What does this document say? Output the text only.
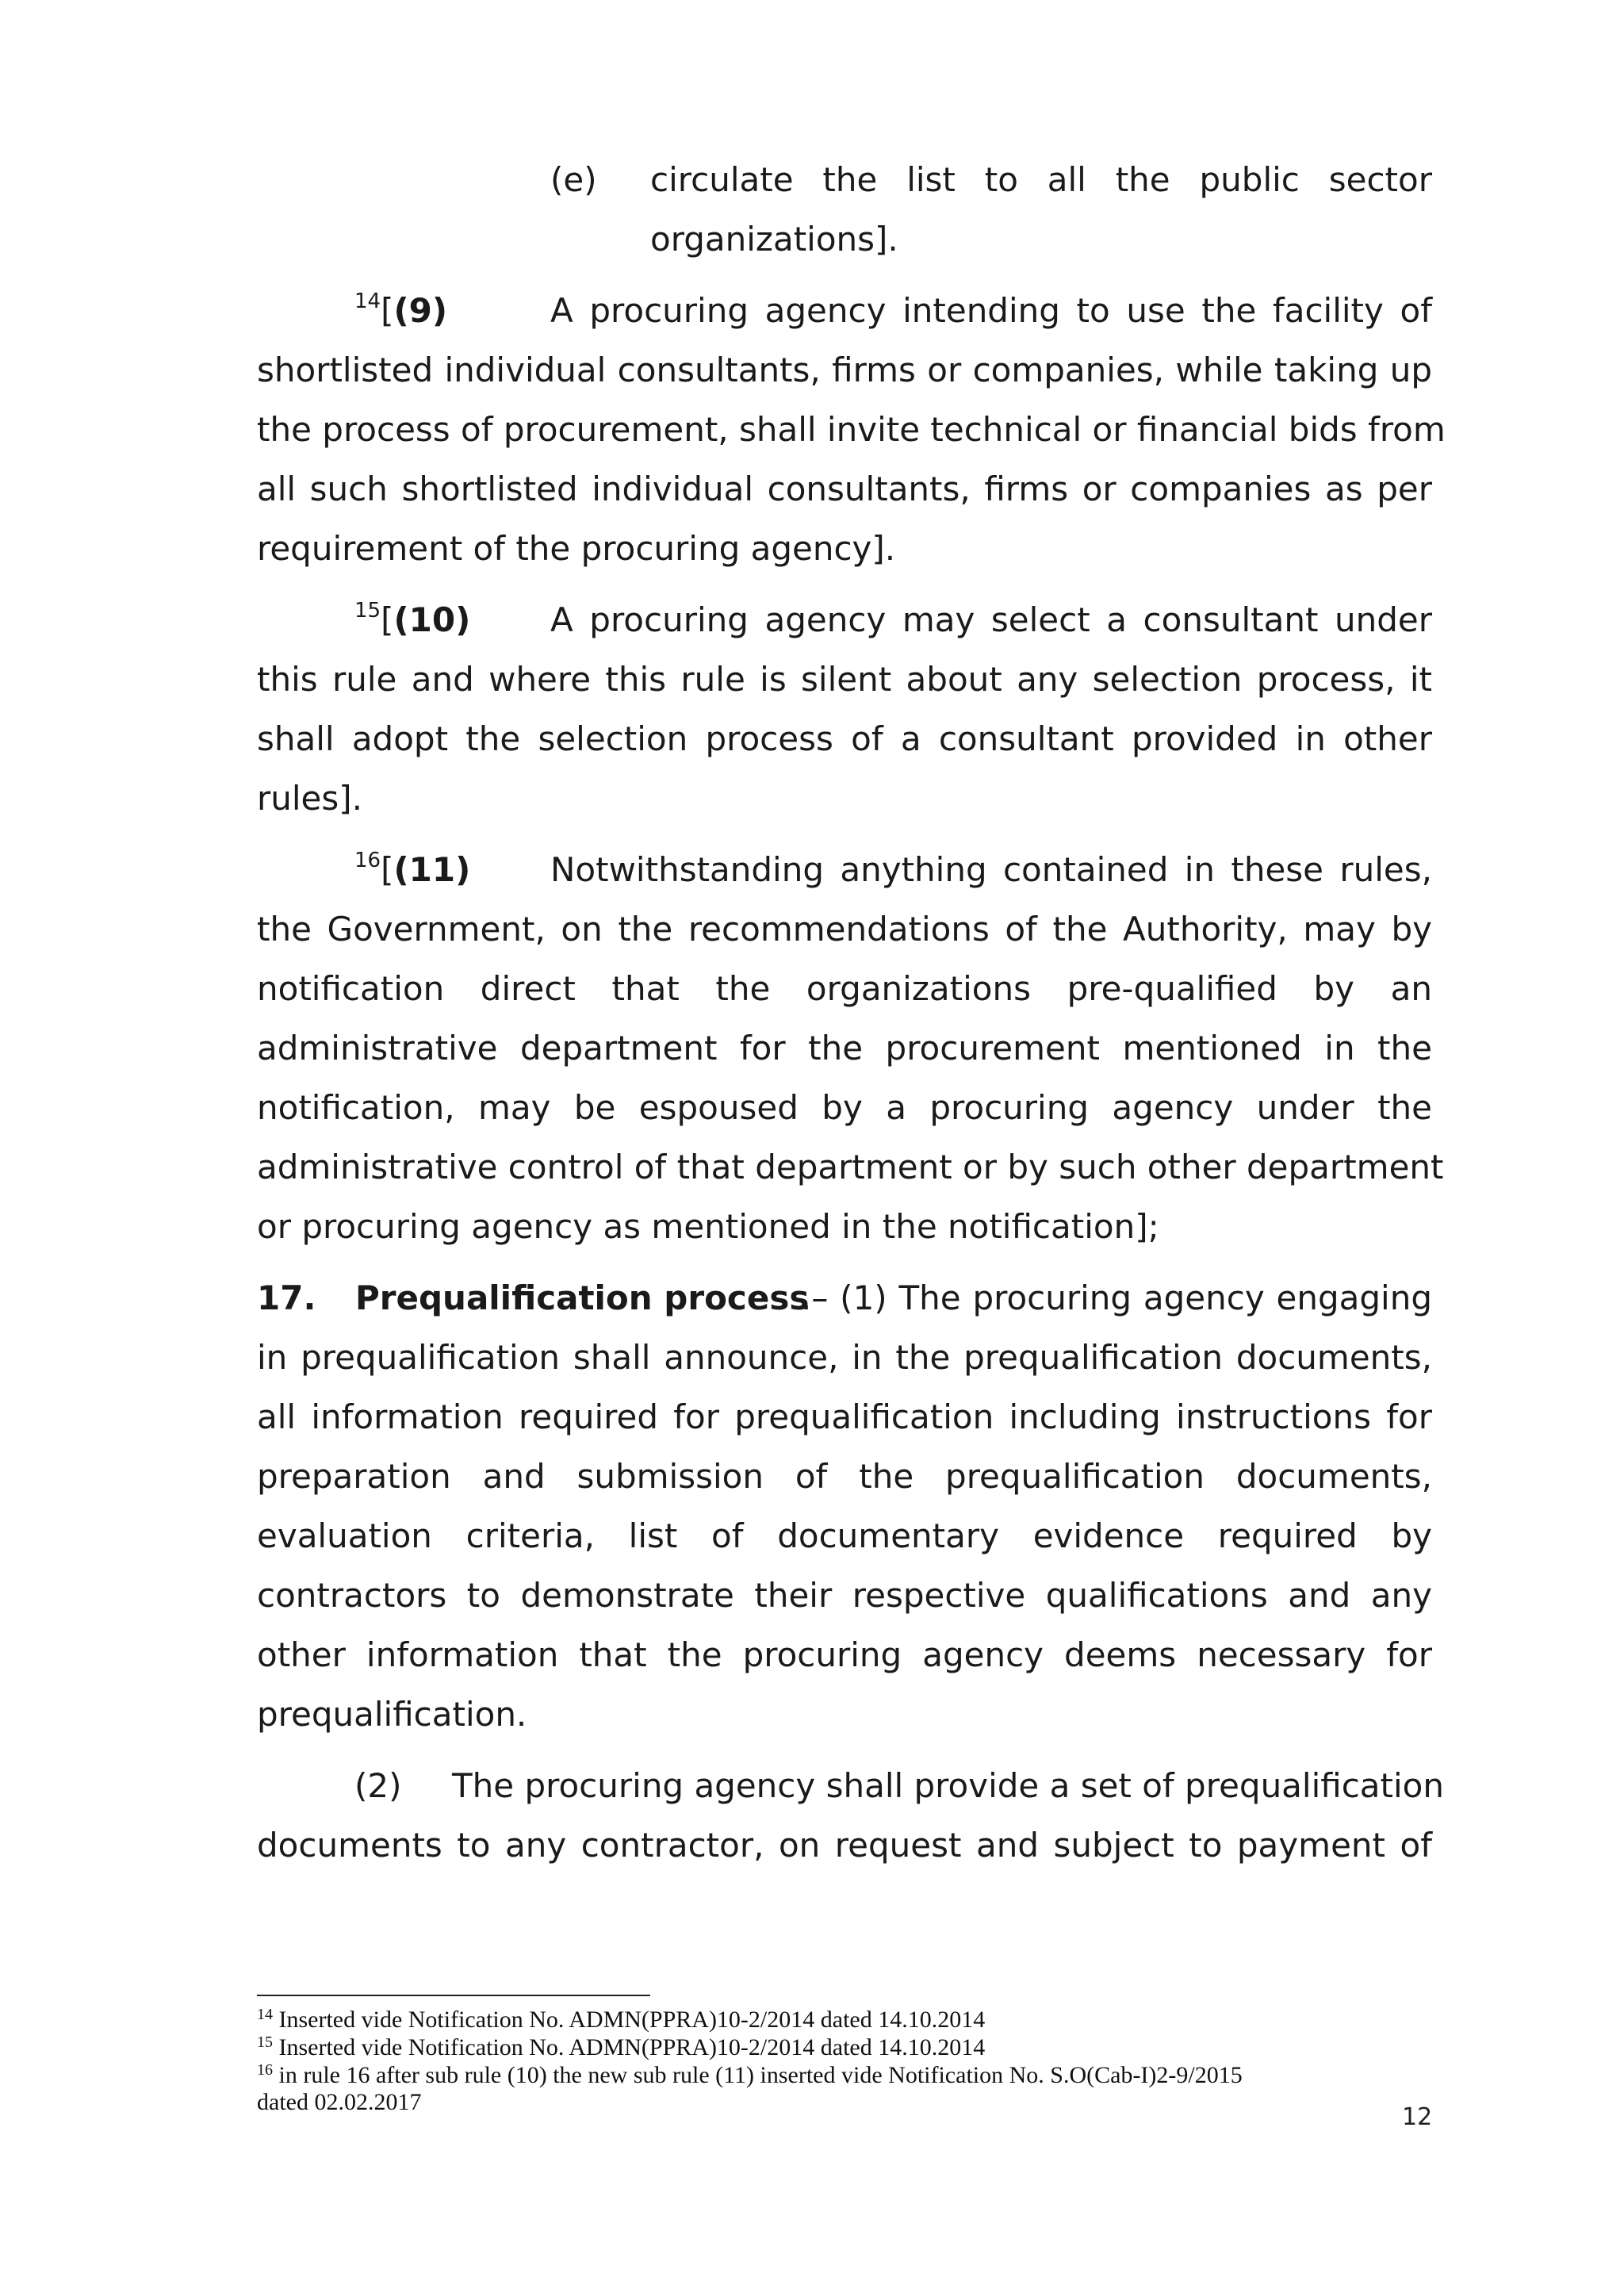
(e) circulate the list to all the public sector
organizations].
$^{14}$[(9)	A procuring agency intending to use the facility of
shortlisted individual consultants, firms or companies, while taking up
the process of procurement, shall invite technical or financial bids from
all such shortlisted individual consultants, firms or companies as per
requirement of the procuring agency].
$^{15}$[(10) A procuring agency may select a consultant under
this rule and where this rule is silent about any selection process, it
shall adopt the selection process of a consultant provided in other
rules].
$^{16}$[(11) Notwithstanding anything contained in these rules,
the Government, on the recommendations of the Authority, may by
notification direct that the organizations pre-qualified by an
administrative department for the procurement mentioned in the
notification, may be espoused by a procuring agency under the
administrative control of that department or by such other department
or procuring agency as mentioned in the notification];
17. Prequalification process
.– (1) The procuring agency engaging
in prequalification shall announce, in the prequalification documents,
all information required for prequalification including instructions for
preparation and submission of the prequalification documents,
evaluation criteria, list of documentary evidence required by
contractors to demonstrate their respective qualifications and any
other information that the procuring agency deems necessary for
prequalification.
(2) The procuring agency shall provide a set of prequalification
documents to any contractor, on request and subject to payment of
$^{14}$ Inserted vide Notification No. ADMN(PPRA)10-2/2014 dated 14.10.2014
$^{15}$ Inserted vide Notification No. ADMN(PPRA)10-2/2014 dated 14.10.2014
$^{16}$ in rule 16 after sub rule (10) the new sub rule (11) inserted vide Notification No. S.O(Cab-I)2-9/2015
dated 02.02.2017
12
